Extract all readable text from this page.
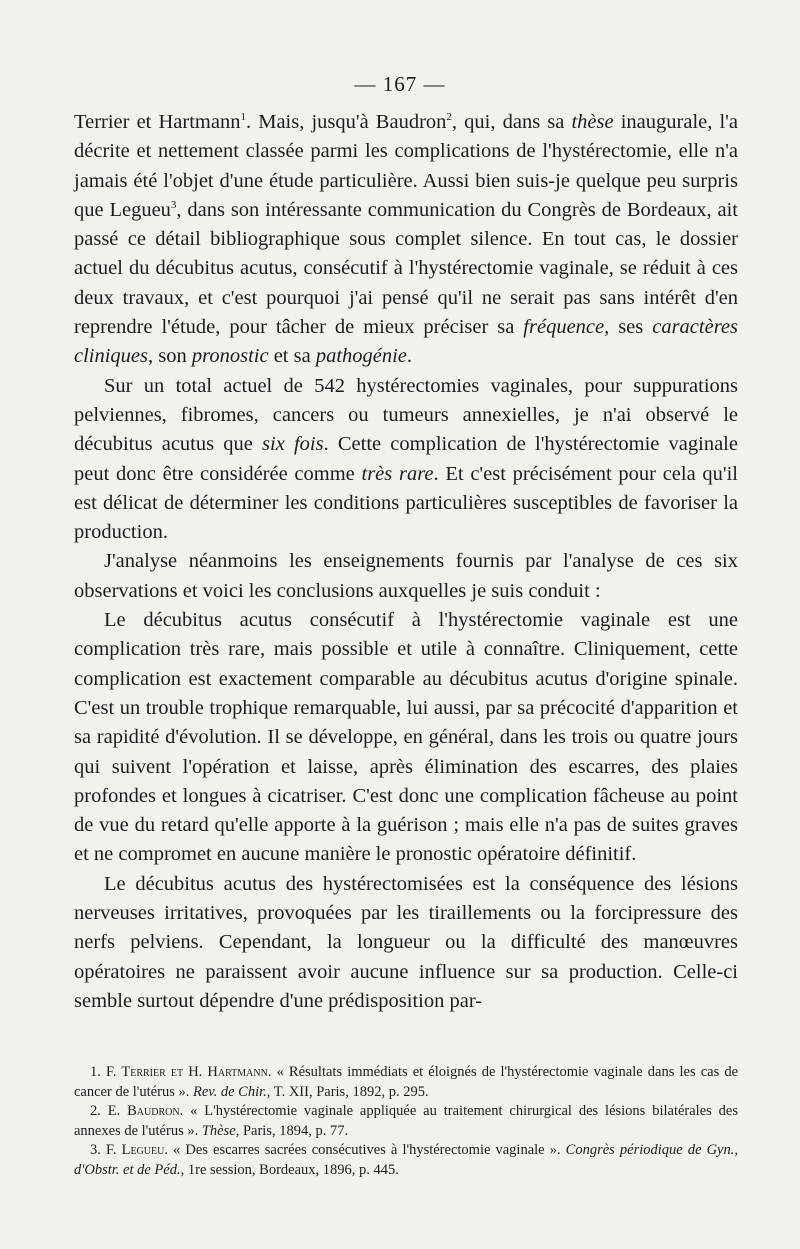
— 167 —

Terrier et Hartmann$^1$. Mais, jusqu'à Baudron$^2$, qui, dans sa thèse inaugurale, l'a décrite et nettement classée parmi les complications de l'hystérectomie, elle n'a jamais été l'objet d'une étude particulière. Aussi bien suis-je quelque peu surpris que Legueu$^3$, dans son intéressante communication du Congrès de Bordeaux, ait passé ce détail bibliographique sous complet silence. En tout cas, le dossier actuel du décubitus acutus, consécutif à l'hystérectomie vaginale, se réduit à ces deux travaux, et c'est pourquoi j'ai pensé qu'il ne serait pas sans intérêt d'en reprendre l'étude, pour tâcher de mieux préciser sa fréquence, ses caractères cliniques, son pronostic et sa pathogénie.

Sur un total actuel de 542 hystérectomies vaginales, pour suppurations pelviennes, fibromes, cancers ou tumeurs annexielles, je n'ai observé le décubitus acutus que six fois. Cette complication de l'hystérectomie vaginale peut donc être considérée comme très rare. Et c'est précisément pour cela qu'il est délicat de déterminer les conditions particulières susceptibles de favoriser la production.

J'analyse néanmoins les enseignements fournis par l'analyse de ces six observations et voici les conclusions auxquelles je suis conduit :

Le décubitus acutus consécutif à l'hystérectomie vaginale est une complication très rare, mais possible et utile à connaître. Cliniquement, cette complication est exactement comparable au décubitus acutus d'origine spinale. C'est un trouble trophique remarquable, lui aussi, par sa précocité d'apparition et sa rapidité d'évolution. Il se développe, en général, dans les trois ou quatre jours qui suivent l'opération et laisse, après élimination des escarres, des plaies profondes et longues à cicatriser. C'est donc une complication fâcheuse au point de vue du retard qu'elle apporte à la guérison ; mais elle n'a pas de suites graves et ne compromet en aucune manière le pronostic opératoire définitif.

Le décubitus acutus des hystérectomisées est la conséquence des lésions nerveuses irritatives, provoquées par les tiraillements ou la forcipressure des nerfs pelviens. Cependant, la longueur ou la difficulté des manœuvres opératoires ne paraissent avoir aucune influence sur sa production. Celle-ci semble surtout dépendre d'une prédisposition par-

1. F. Terrier et H. Hartmann. « Résultats immédiats et éloignés de l'hystérectomie vaginale dans les cas de cancer de l'utérus ». Rev. de Chir., T. XII, Paris, 1892, p. 295.

2. E. Baudron. « L'hystérectomie vaginale appliquée au traitement chirurgical des lésions bilatérales des annexes de l'utérus ». Thèse, Paris, 1894, p. 77.

3. F. Legueu. « Des escarres sacrées consécutives à l'hystérectomie vaginale ». Congrès périodique de Gyn., d'Obstr. et de Péd., 1re session, Bordeaux, 1896, p. 445.
